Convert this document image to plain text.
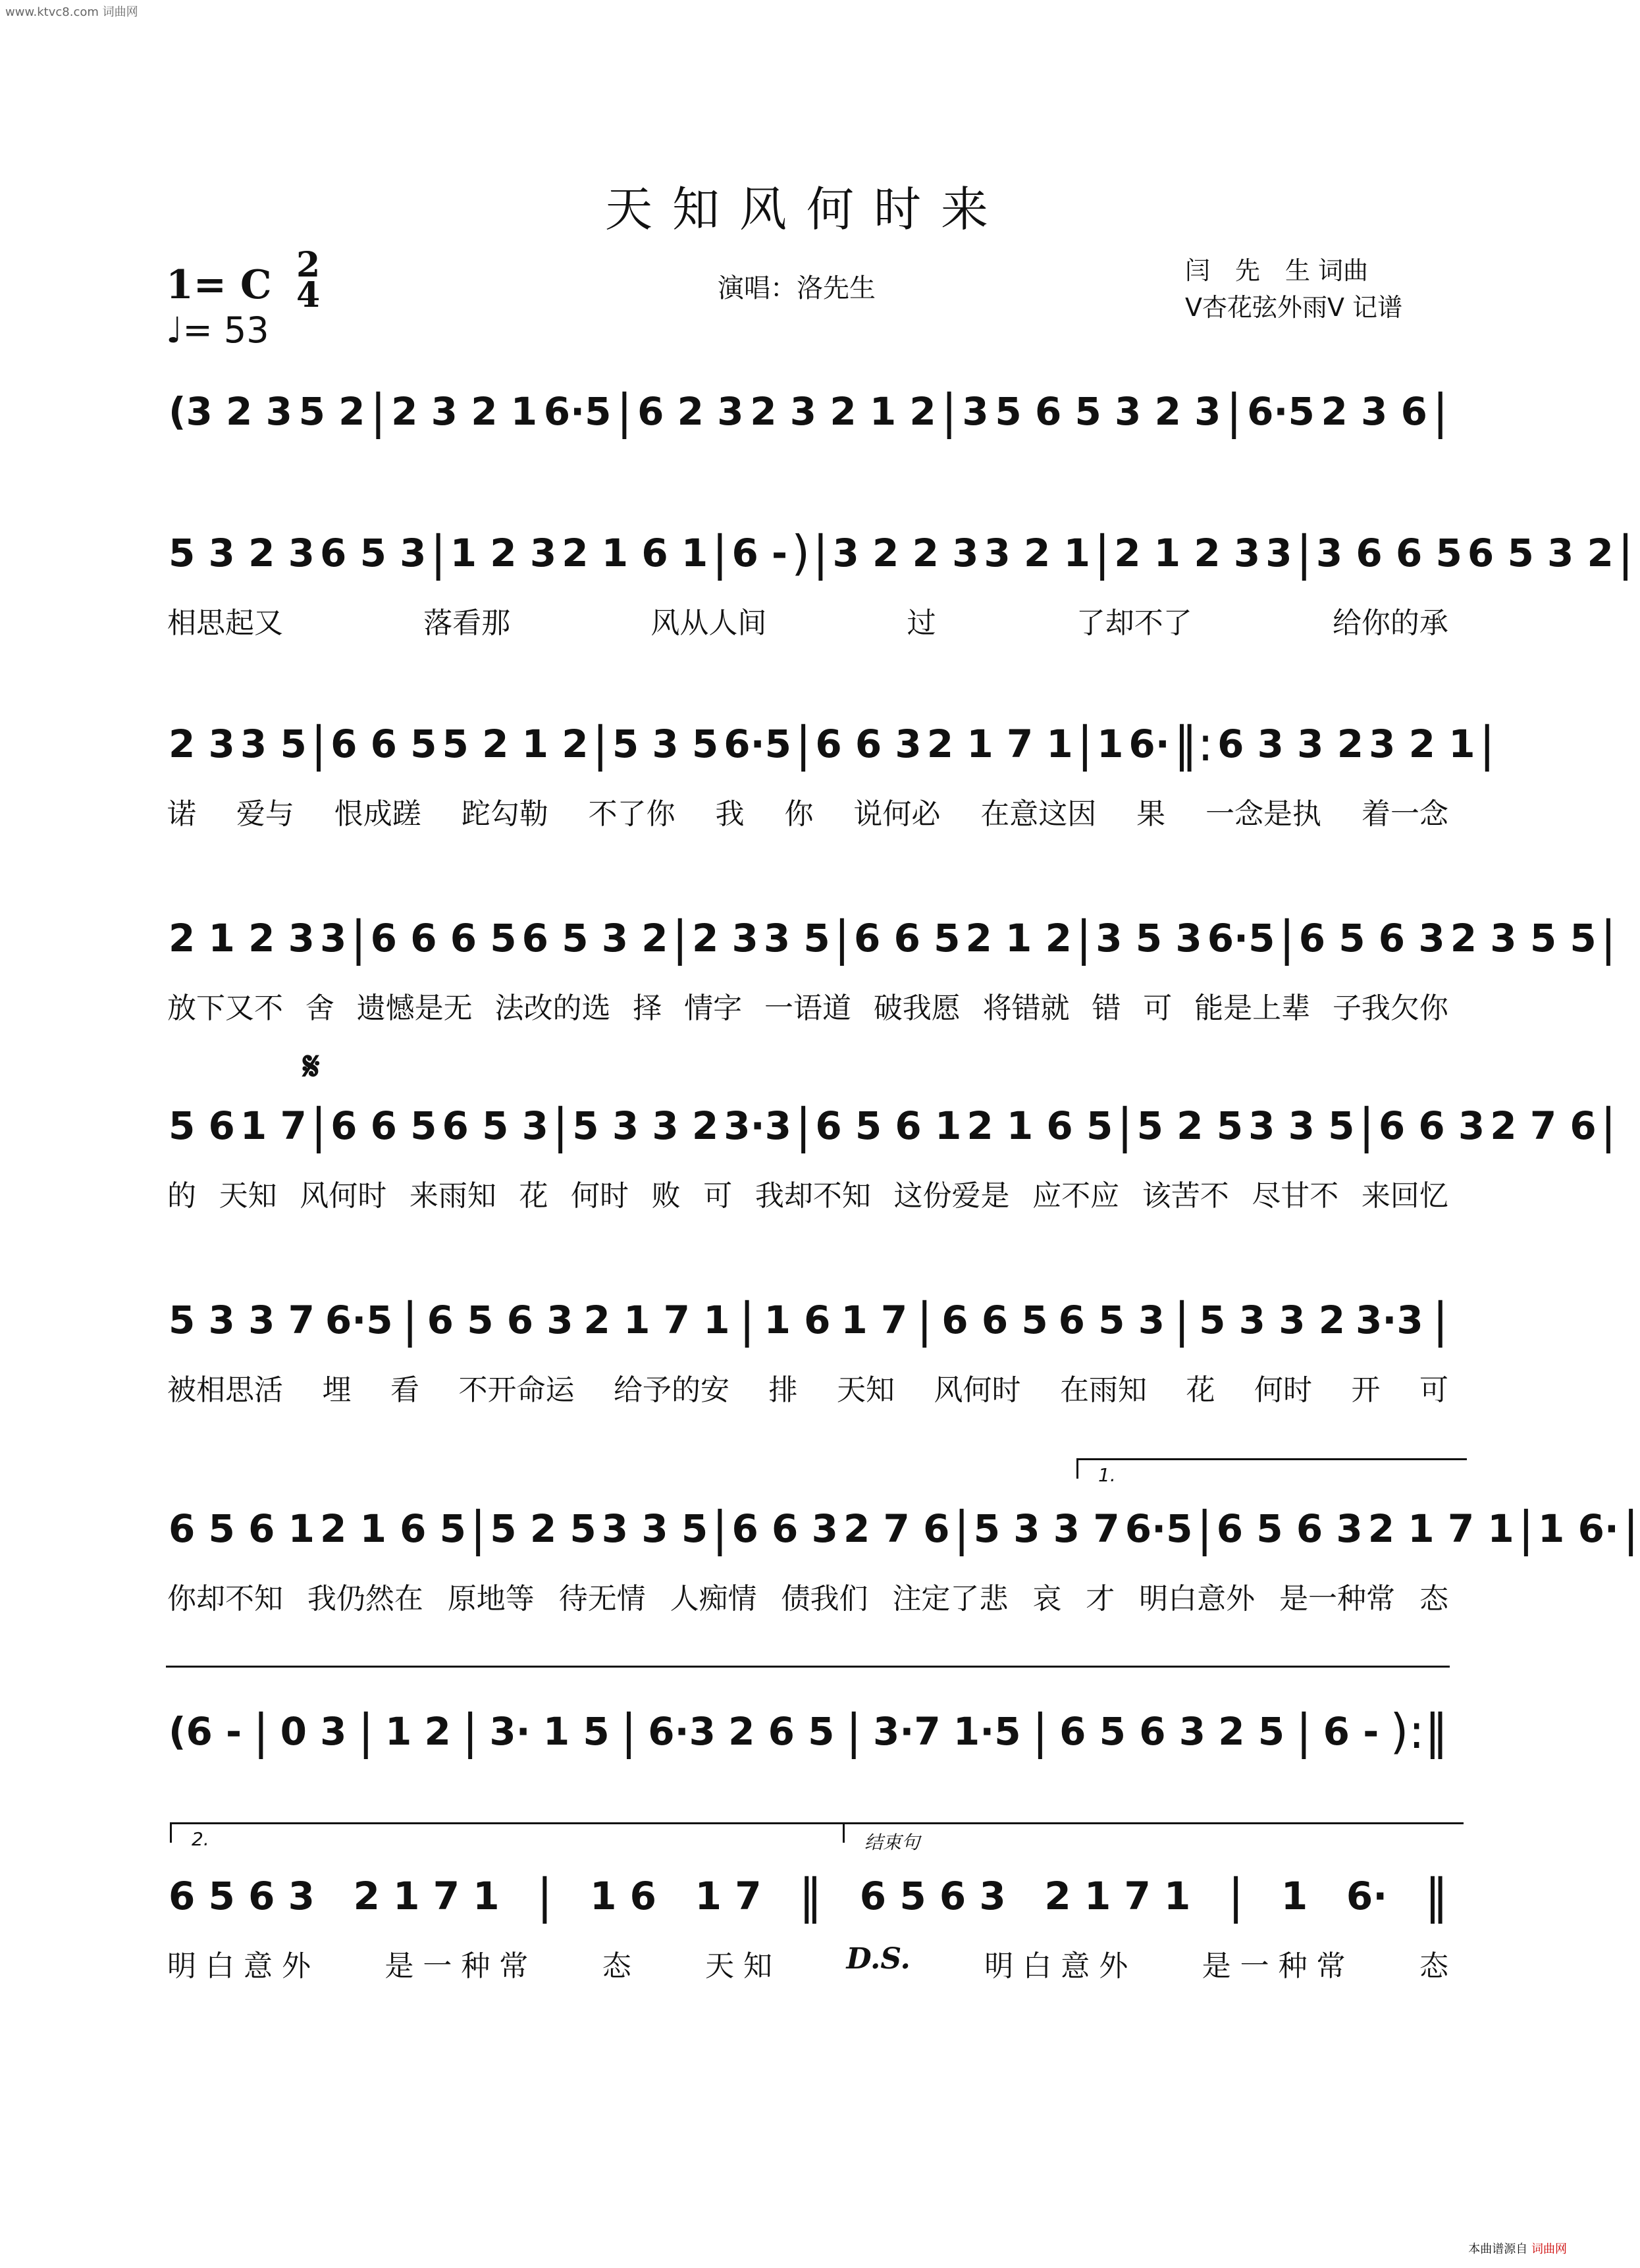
www.ktvc8.com 词曲网
天知风何时来
1= C 2
4
♩= 53
演唱：洛先生
闫　先　生 词曲
V杏花弦外雨V 记谱
(3 2 3 5 2 | 2 3 2 1 6·5 | 6 2 3 2 3 2 1 2 | 3 5 6 5 3 2 3 | 6·5 2 3 6 |
5 3 2 3 6 5 3 | 1 2 3 2 1 6 1 | 6 - ) | 3 2 2 3 3 2 1 | 2 1 2 3 3 | 3 6 6 5 6 5 3 2 |
相思起又	落看那	风从人间	过	了却不了	给你的承
2 3 3 5 | 6 6 5 5 2 1 2 | 5 3 5 6·5 | 6 6 3 2 1 7 1 | 1 6· ‖: 6 3 3 2 3 2 1 |
诺 爱与 恨成蹉 跎勾勒 不了你 我 你 说何必 在意这因 果 一念是执 着一念
2 1 2 3 3 | 6 6 6 5 6 5 3 2 | 2 3 3 5 | 6 6 5 2 1 2 | 3 5 3 6·5 | 6 5 6 3 2 3 5 5 |
放下又不 舍 遗憾是无 法改的选 择 情字 一语道 破我愿 将错就 错 可 能是上辈 子我欠你
5 6 1 7 | 6 6 5 6 5 3 | 5 3 3 2 3·3 | 6 5 6 1 2 1 6 5 | 5 2 5 3 3 5 | 6 6 3 2 7 6 |
的 天知 风何时 来雨知 花 何时 败 可 我却不知 这份爱是 应不应 该苦不 尽甘不 来回忆
5 3 3 7 6·5 | 6 5 6 3 2 1 7 1 | 1 6 1 7 | 6 6 5 6 5 3 | 5 3 3 2 3·3 |
被相思活 埋 看 不开命运 给予的安 排 天知 风何时 在雨知 花 何时 开 可
6 5 6 1 2 1 6 5 | 5 2 5 3 3 5 | 6 6 3 2 7 6 | 5 3 3 7 6·5 | 6 5 6 3 2 1 7 1 | 1 6· |
你却不知 我仍然在 原地等 待无情 人痴情 债我们 注定了悲 哀 才 明白意外 是一种常 态
(6 - | 0 3 | 1 2 | 3· 1 5 | 6·3 2 6 5 | 3·7 1·5 | 6 5 6 3 2 5 | 6 - ):‖
6 5 6 3 2 1 7 1 | 1 6 1 7 ‖ 6 5 6 3 2 1 7 1 | 1 6· ‖
明 白 意 外	是 一 种 常	态	天 知	D.S.	明 白 意 外	是 一 种 常	态
𝄋
1.
2.	结束句
本曲谱源自 词曲网
